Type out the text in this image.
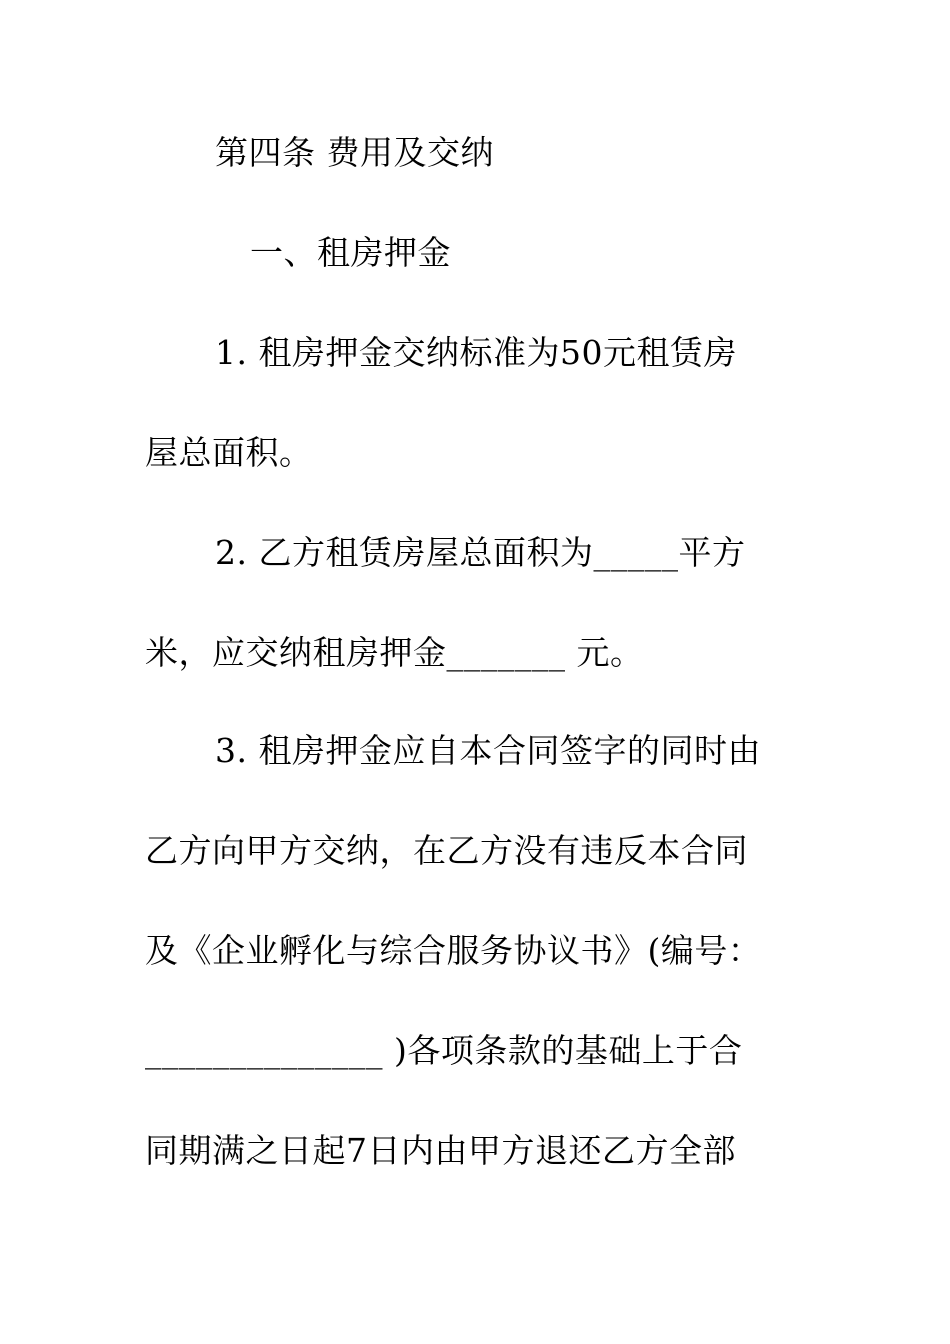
第四条 费用及交纳
一、租房押金
1. 租房押金交纳标准为50元租赁房
屋总面积。
2. 乙方租赁房屋总面积为_____平方
米，应交纳租房押金_______ 元。
3. 租房押金应自本合同签字的同时由
乙方向甲方交纳，在乙方没有违反本合同
及《企业孵化与综合服务协议书》(编号：
______________ )各项条款的基础上于合
同期满之日起7日内由甲方退还乙方全部
